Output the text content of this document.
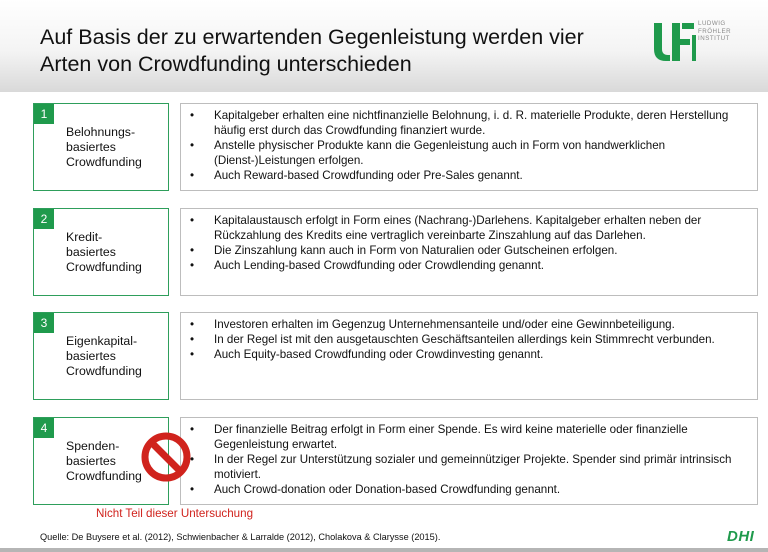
Auf Basis der zu erwartenden Gegenleistung werden vier
Arten von Crowdfunding unterschieden
LUDWIG
FRÖHLER
INSTITUT
1
Belohnungs-
basiertes
Crowdfunding
• Kapitalgeber erhalten eine nichtfinanzielle Belohnung, i. d. R. materielle Produkte, deren Herstellung häufig erst durch das Crowdfunding finanziert wurde.
• Anstelle physischer Produkte kann die Gegenleistung auch in Form von handwerklichen (Dienst-)Leistungen erfolgen.
• Auch Reward-based Crowdfunding oder Pre-Sales genannt.
2
Kredit-
basiertes
Crowdfunding
• Kapitalaustausch erfolgt in Form eines (Nachrang-)Darlehens. Kapitalgeber erhalten neben der Rückzahlung des Kredits eine vertraglich vereinbarte Zinszahlung auf das Darlehen.
• Die Zinszahlung kann auch in Form von Naturalien oder Gutscheinen erfolgen.
• Auch Lending-based Crowdfunding oder Crowdlending genannt.
3
Eigenkapital-
basiertes
Crowdfunding
• Investoren erhalten im Gegenzug Unternehmensanteile und/oder eine Gewinnbeteiligung.
• In der Regel ist mit den ausgetauschten Geschäftsanteilen allerdings kein Stimmrecht verbunden.
• Auch Equity-based Crowdfunding oder Crowdinvesting genannt.
4
Spenden-
basiertes
Crowdfunding
• Der finanzielle Beitrag erfolgt in Form einer Spende. Es wird keine materielle oder finanzielle Gegenleistung erwartet.
• In der Regel zur Unterstützung sozialer und gemeinnütziger Projekte. Spender sind primär intrinsisch motiviert.
• Auch Crowd-donation oder Donation-based Crowdfunding genannt.
Nicht Teil dieser Untersuchung
Quelle: De Buysere et al. (2012), Schwienbacher & Larralde (2012), Cholakova & Clarysse (2015).	DHI
